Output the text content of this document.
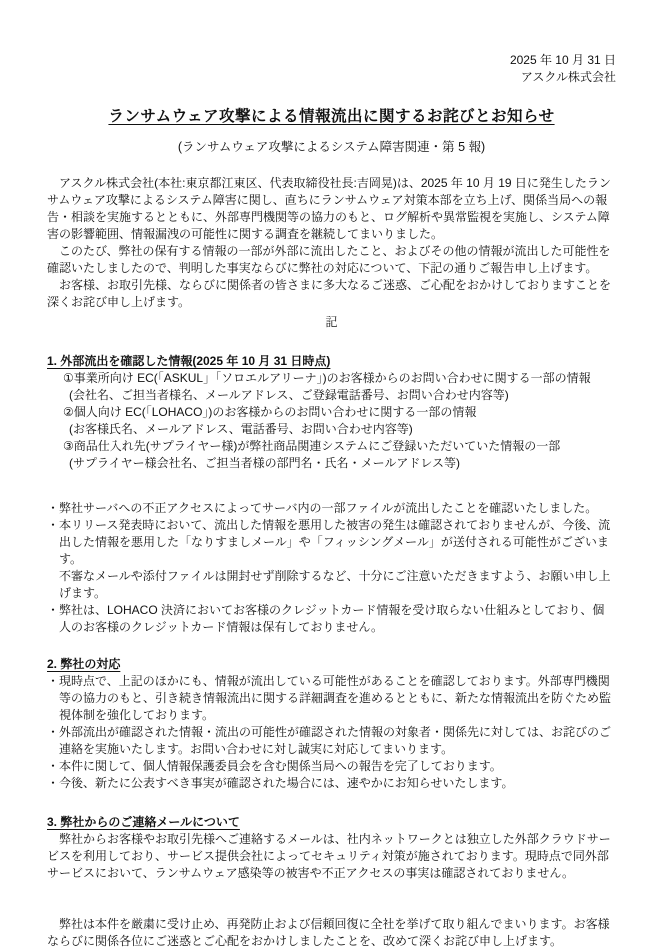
2025 年 10 月 31 日
アスクル株式会社
ランサムウェア攻撃による情報流出に関するお詫びとお知らせ
(ランサムウェア攻撃によるシステム障害関連・第 5 報)

アスクル株式会社(本社:東京都江東区、代表取締役社長:吉岡晃)は、2025 年 10 月 19 日に発生したランサムウェア攻撃によるシステム障害に関し、直ちにランサムウェア対策本部を立ち上げ、関係当局への報告・相談を実施するとともに、外部専門機関等の協力のもと、ログ解析や異常監視を実施し、システム障害の影響範囲、情報漏洩の可能性に関する調査を継続してまいりました。

このたび、弊社の保有する情報の一部が外部に流出したこと、およびその他の情報が流出した可能性を確認いたしましたので、判明した事実ならびに弊社の対応について、下記の通りご報告申し上げます。

お客様、お取引先様、ならびに関係者の皆さまに多大なるご迷惑、ご心配をおかけしておりますことを深くお詫び申し上げます。

記
1. 外部流出を確認した情報(2025 年 10 月 31 日時点)

①事業所向け EC(「ASKUL」「ソロエルアリーナ」)のお客様からのお問い合わせに関する一部の情報

(会社名、ご担当者様名、メールアドレス、ご登録電話番号、お問い合わせ内容等)

②個人向け EC(「LOHACO」)のお客様からのお問い合わせに関する一部の情報

(お客様氏名、メールアドレス、電話番号、お問い合わせ内容等)

③商品仕入れ先(サプライヤー様)が弊社商品関連システムにご登録いただいていた情報の一部

(サプライヤー様会社名、ご担当者様の部門名・氏名・メールアドレス等)

・弊社サーバへの不正アクセスによってサーバ内の一部ファイルが流出したことを確認いたしました。

・本リリース発表時において、流出した情報を悪用した被害の発生は確認されておりませんが、今後、流出した情報を悪用した「なりすましメール」や「フィッシングメール」が送付される可能性がございます。

不審なメールや添付ファイルは開封せず削除するなど、十分にご注意いただきますよう、お願い申し上げます。

・弊社は、LOHACO 決済においてお客様のクレジットカード情報を受け取らない仕組みとしており、個人のお客様のクレジットカード情報は保有しておりません。

2. 弊社の対応

・現時点で、上記のほかにも、情報が流出している可能性があることを確認しております。外部専門機関等の協力のもと、引き続き情報流出に関する詳細調査を進めるとともに、新たな情報流出を防ぐため監視体制を強化しております。

・外部流出が確認された情報・流出の可能性が確認された情報の対象者・関係先に対しては、お詫びのご連絡を実施いたします。お問い合わせに対し誠実に対応してまいります。

・本件に関して、個人情報保護委員会を含む関係当局への報告を完了しております。

・今後、新たに公表すべき事実が確認された場合には、速やかにお知らせいたします。

3. 弊社からのご連絡メールについて

弊社からお客様やお取引先様へご連絡するメールは、社内ネットワークとは独立した外部クラウドサービスを利用しており、サービス提供会社によってセキュリティ対策が施されております。現時点で同外部サービスにおいて、ランサムウェア感染等の被害や不正アクセスの事実は確認されておりません。

弊社は本件を厳粛に受け止め、再発防止および信頼回復に全社を挙げて取り組んでまいります。お客様ならびに関係各位にご迷惑とご心配をおかけしましたことを、改めて深くお詫び申し上げます。
